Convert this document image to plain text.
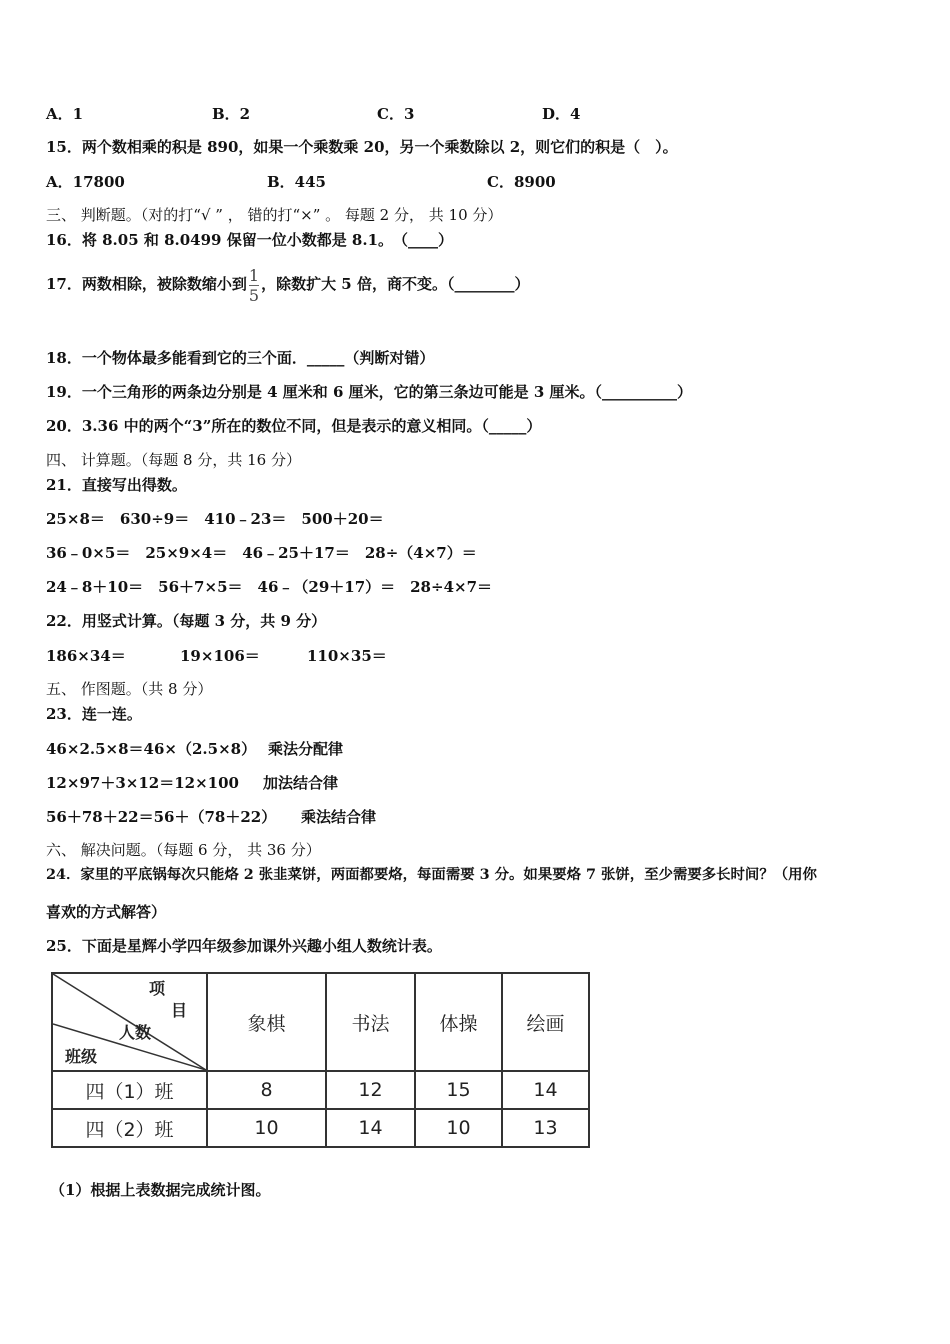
A．1	B．2	C．3	D．4
15．两个数相乘的积是 890，如果一个乘数乘 20，另一个乘数除以 2，则它们的积是（　）。
A．17800	B．445	C．8900
三、 判断题。（对的打“√ ” ， 错的打“×” 。 每题 2 分， 共 10 分）
16．将 8.05 和 8.0499 保留一位小数都是 8.1。　（____）
17．两数相除，被除数缩小到 $\frac{1}{5}$ ，除数扩大 5 倍，商不变。（________）
18．一个物体最多能看到它的三个面．_____（判断对错）
19．一个三角形的两条边分别是 4 厘米和 6 厘米，它的第三条边可能是 3 厘米。（__________）
20．3.36 中的两个“3”所在的数位不同，但是表示的意义相同。（_____）
四、 计算题。（每题 8 分，共 16 分）
21．直接写出得数。
25×8＝　630÷9＝　410﹣23＝　500＋20＝
36﹣0×5＝　25×9×4＝　46﹣25＋17＝　28÷（4×7）＝
24﹣8＋10＝　56＋7×5＝　46﹣（29＋17）＝　28÷4×7＝
22．用竖式计算。（每题 3 分，共 9 分）
186×34＝	19×106＝	110×35＝
五、 作图题。（共 8 分）
23．连一连。
46×2.5×8＝46×（2.5×8） 乘法分配律
12×97＋3×12＝12×100 加法结合律
56＋78＋22＝56＋（78＋22） 乘法结合律
六、 解决问题。（每题 6 分， 共 36 分）
24．家里的平底锅每次只能烙 2 张韭菜饼，两面都要烙，每面需要 3 分。如果要烙 7 张饼，至少需要多长时间？（用你
喜欢的方式解答）
25．下面是星辉小学四年级参加课外兴趣小组人数统计表。
项
目
人数
班级	象棋	书法	体操	绘画
四（1）班	8	12	15	14
四（2）班	10	14	10	13
（1）根据上表数据完成统计图。
